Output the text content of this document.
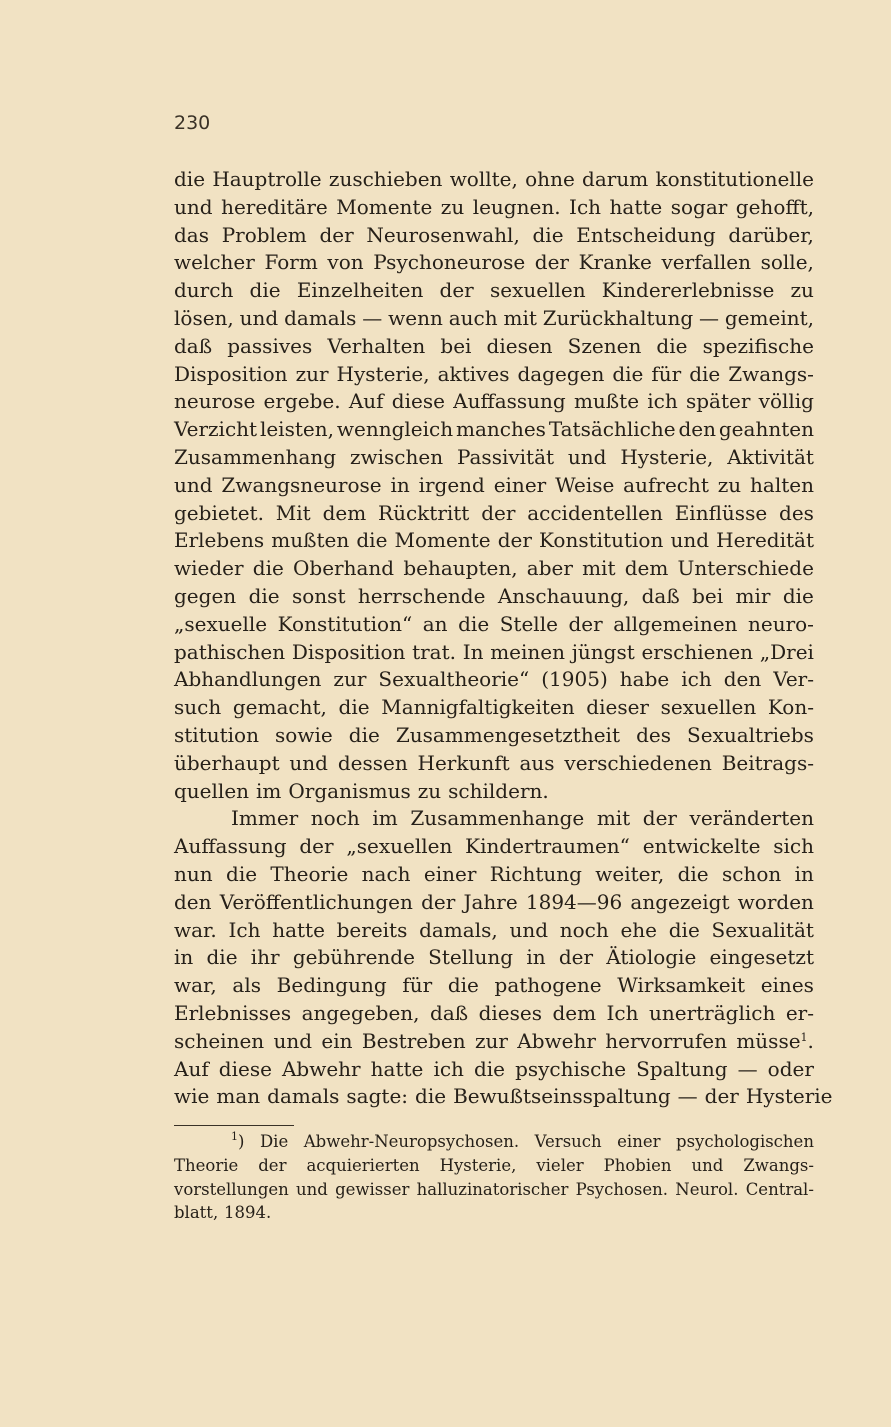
230
die Hauptrolle zuschieben wollte, ohne darum konstitutionelle
und hereditäre Momente zu leugnen. Ich hatte sogar gehofft,
das Problem der Neurosenwahl, die Entscheidung darüber,
welcher Form von Psychoneurose der Kranke verfallen solle,
durch die Einzelheiten der sexuellen Kindererlebnisse zu
lösen, und damals — wenn auch mit Zurückhaltung — gemeint,
daß passives Verhalten bei diesen Szenen die spezifische
Disposition zur Hysterie, aktives dagegen die für die Zwangs-
neurose ergebe. Auf diese Auffassung mußte ich später völlig
Verzicht leisten, wenngleich manches Tatsächliche den geahnten
Zusammenhang zwischen Passivität und Hysterie, Aktivität
und Zwangsneurose in irgend einer Weise aufrecht zu halten
gebietet. Mit dem Rücktritt der accidentellen Einflüsse des
Erlebens mußten die Momente der Konstitution und Heredität
wieder die Oberhand behaupten, aber mit dem Unterschiede
gegen die sonst herrschende Anschauung, daß bei mir die
„sexuelle Konstitution“ an die Stelle der allgemeinen neuro-
pathischen Disposition trat. In meinen jüngst erschienen „Drei
Abhandlungen zur Sexualtheorie“ (1905) habe ich den Ver-
such gemacht, die Mannigfaltigkeiten dieser sexuellen Kon-
stitution sowie die Zusammengesetztheit des Sexualtriebs
überhaupt und dessen Herkunft aus verschiedenen Beitrags-
quellen im Organismus zu schildern.
Immer noch im Zusammenhange mit der veränderten
Auffassung der „sexuellen Kindertraumen“ entwickelte sich
nun die Theorie nach einer Richtung weiter, die schon in
den Veröffentlichungen der Jahre 1894—96 angezeigt worden
war. Ich hatte bereits damals, und noch ehe die Sexualität
in die ihr gebührende Stellung in der Ätiologie eingesetzt
war, als Bedingung für die pathogene Wirksamkeit eines
Erlebnisses angegeben, daß dieses dem Ich unerträglich er-
scheinen und ein Bestreben zur Abwehr hervorrufen müsse$^1$.
Auf diese Abwehr hatte ich die psychische Spaltung — oder
wie man damals sagte: die Bewußtseinsspaltung — der Hysterie
$^1$) Die Abwehr-Neuropsychosen. Versuch einer psychologischen
Theorie der acquierierten Hysterie, vieler Phobien und Zwangs-
vorstellungen und gewisser halluzinatorischer Psychosen. Neurol. Central-
blatt, 1894.
